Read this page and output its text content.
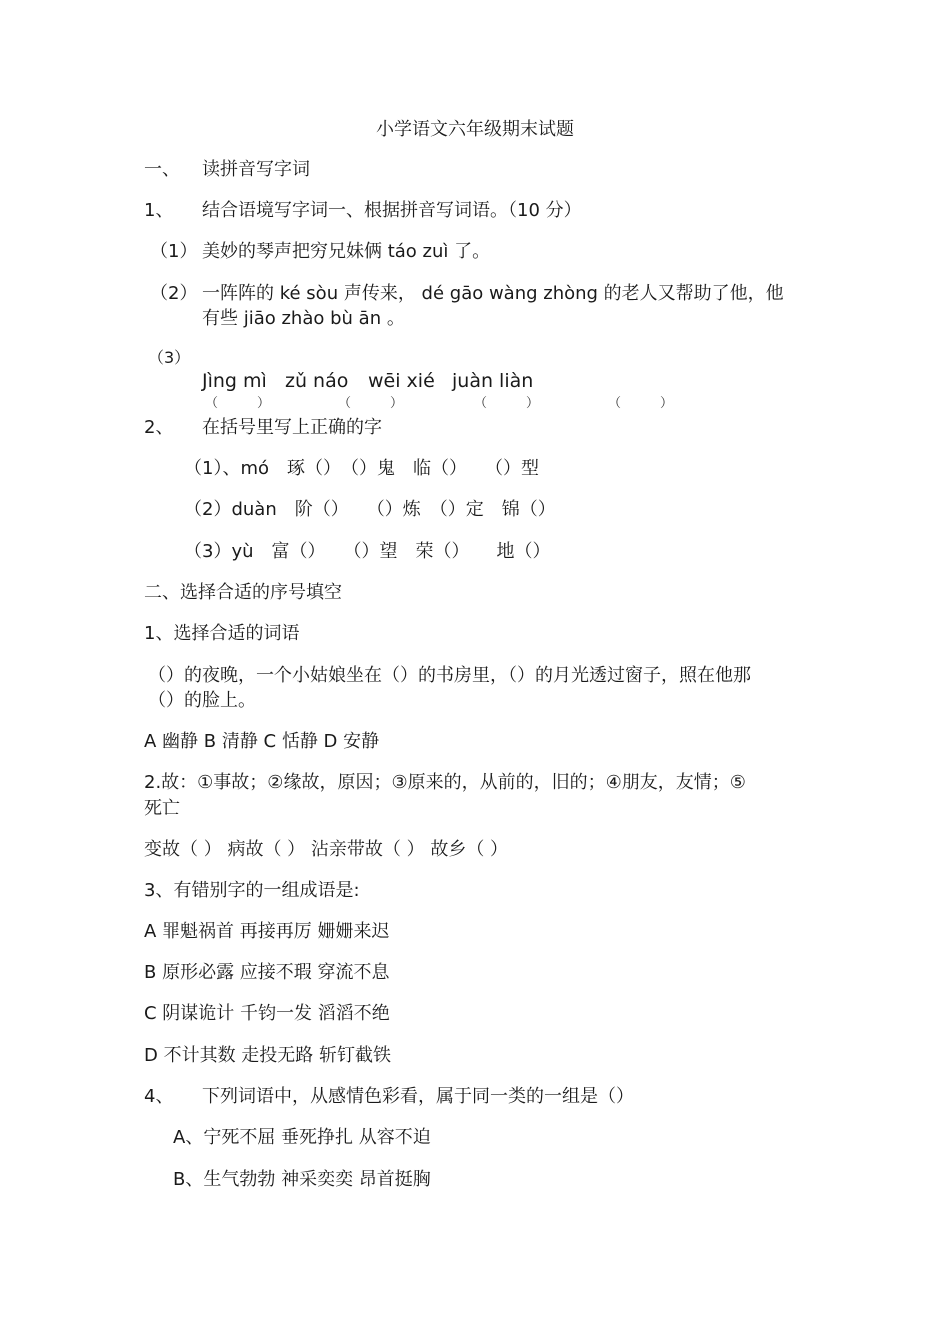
小学语文六年级期末试题
一、 读拼音写字词
1、 结合语境写字词一、根据拼音写词语。（10 分）
（1） 美妙的琴声把穷兄妹俩 táo zuì 了。
（2） 一阵阵的 ké sòu 声传来， dé gāo wàng zhòng 的老人又帮助了他，他
有些 jiāo zhào bù ān 。
（3）
Jìng mì zǔ náo wēi xié juàn liàn
（　　　）	（　　　）	（　　　）	（　　　）
2、 在括号里写上正确的字
（1）、mó　琢（）　（）鬼　临（）　　（）型
（2）duàn　阶（）　　（）炼　（）定　锦（）
（3）yù　富（）　　（）望　荣（）　　地（）
二、选择合适的序号填空
1、选择合适的词语
（）的夜晚，一个小姑娘坐在（）的书房里，（）的月光透过窗子，照在他那
（）的脸上。
A 幽静 B 清静 C 恬静 D 安静
2.故：①事故；②缘故，原因；③原来的，从前的，旧的；④朋友，友情；⑤
死亡
变故（ ） 病故（ ） 沾亲带故（ ） 故乡（ ）
3、有错别字的一组成语是:
A 罪魁祸首 再接再厉 姗姗来迟
B 原形必露 应接不瑕 穿流不息
C 阴谋诡计 千钧一发 滔滔不绝
D 不计其数 走投无路 斩钉截铁
4、 下列词语中，从感情色彩看，属于同一类的一组是（）
A、宁死不屈 垂死挣扎 从容不迫
B、生气勃勃 神采奕奕 昂首挺胸
